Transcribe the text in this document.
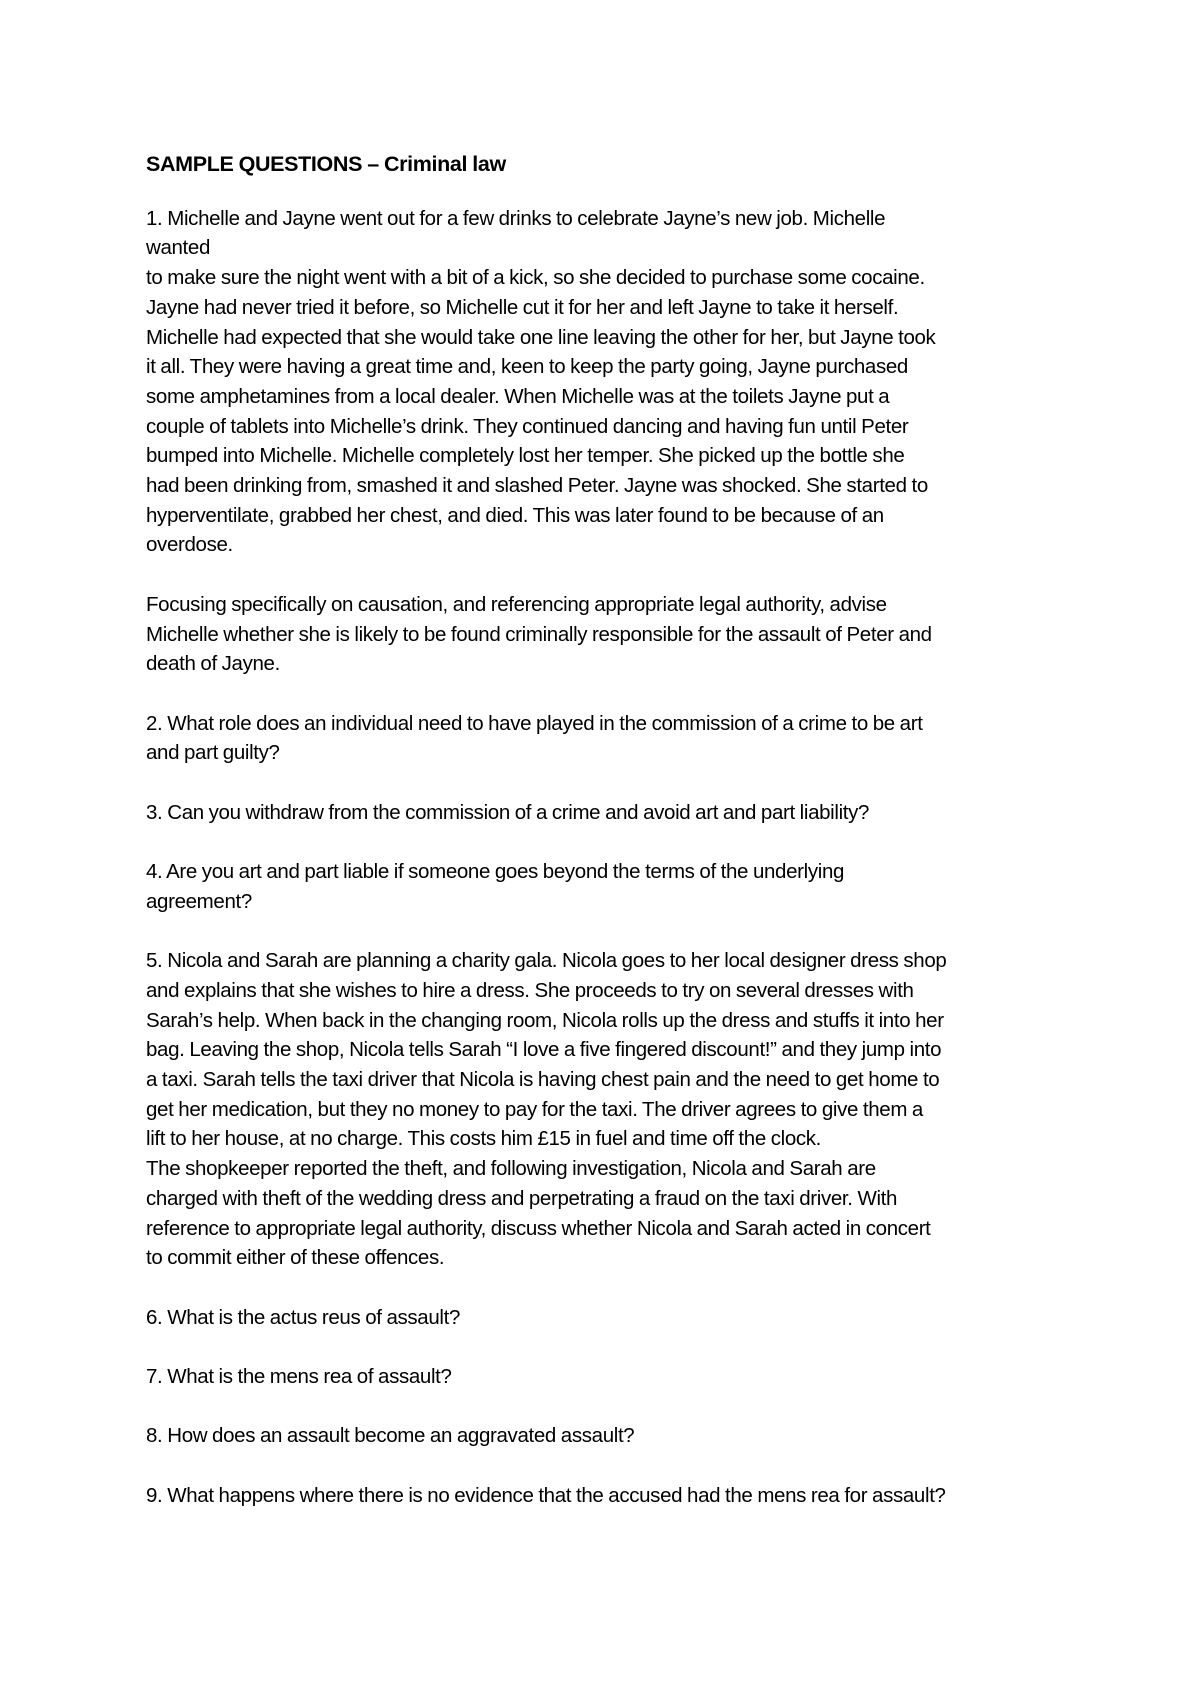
SAMPLE QUESTIONS – Criminal law
1. Michelle and Jayne went out for a few drinks to celebrate Jayne’s new job. Michelle
wanted
to make sure the night went with a bit of a kick, so she decided to purchase some cocaine.
Jayne had never tried it before, so Michelle cut it for her and left Jayne to take it herself.
Michelle had expected that she would take one line leaving the other for her, but Jayne took
it all. They were having a great time and, keen to keep the party going, Jayne purchased
some amphetamines from a local dealer. When Michelle was at the toilets Jayne put a
couple of tablets into Michelle’s drink. They continued dancing and having fun until Peter
bumped into Michelle. Michelle completely lost her temper. She picked up the bottle she
had been drinking from, smashed it and slashed Peter. Jayne was shocked. She started to
hyperventilate, grabbed her chest, and died. This was later found to be because of an
overdose.
Focusing specifically on causation, and referencing appropriate legal authority, advise
Michelle whether she is likely to be found criminally responsible for the assault of Peter and
death of Jayne.
2. What role does an individual need to have played in the commission of a crime to be art
and part guilty?
3. Can you withdraw from the commission of a crime and avoid art and part liability?
4. Are you art and part liable if someone goes beyond the terms of the underlying
agreement?
5. Nicola and Sarah are planning a charity gala. Nicola goes to her local designer dress shop
and explains that she wishes to hire a dress. She proceeds to try on several dresses with
Sarah’s help. When back in the changing room, Nicola rolls up the dress and stuffs it into her
bag. Leaving the shop, Nicola tells Sarah “I love a five fingered discount!” and they jump into
a taxi. Sarah tells the taxi driver that Nicola is having chest pain and the need to get home to
get her medication, but they no money to pay for the taxi. The driver agrees to give them a
lift to her house, at no charge. This costs him £15 in fuel and time off the clock.
The shopkeeper reported the theft, and following investigation, Nicola and Sarah are
charged with theft of the wedding dress and perpetrating a fraud on the taxi driver. With
reference to appropriate legal authority, discuss whether Nicola and Sarah acted in concert
to commit either of these offences.
6. What is the actus reus of assault?
7. What is the mens rea of assault?
8. How does an assault become an aggravated assault?
9. What happens where there is no evidence that the accused had the mens rea for assault?
